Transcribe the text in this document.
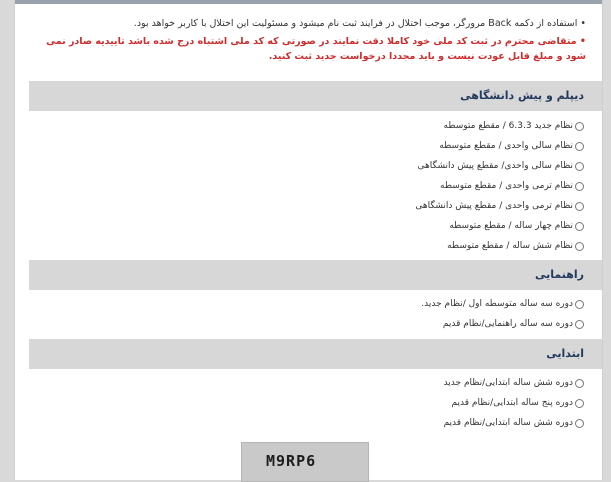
• استفاده از دکمه Back مرورگر، موجب اختلال در فرایند ثبت نام میشود و مسئولیت این اختلال با کاربر خواهد بود.

• متقاضی محترم در ثبت کد ملی خود کاملا دقت نمایند در صورتی که کد ملی اشتباه درج شده باشد تاییدیه صادر نمی شود و مبلغ قابل عودت نیست و باید مجددا درخواست جدید ثبت کنید.

دیپلم و پیش دانشگاهی
نظام جدید 6.3.3 / مقطع متوسطه
نظام سالی واحدی / مقطع متوسطه
نظام سالی واحدی/ مقطع پیش دانشگاهی
نظام ترمی واحدی / مقطع متوسطه
نظام ترمی واحدی / مقطع پیش دانشگاهی
نظام چهار ساله / مقطع متوسطه
نظام شش ساله / مقطع متوسطه
راهنمایی
دوره سه ساله متوسطه اول /نظام جدید.
دوره سه ساله راهنمایی/نظام قدیم
ابتدایی
دوره شش ساله ابتدایی/نظام جدید
دوره پنج ساله ابتدایی/نظام قدیم
دوره شش ساله ابتدایی/نظام قدیم
M9RP6
